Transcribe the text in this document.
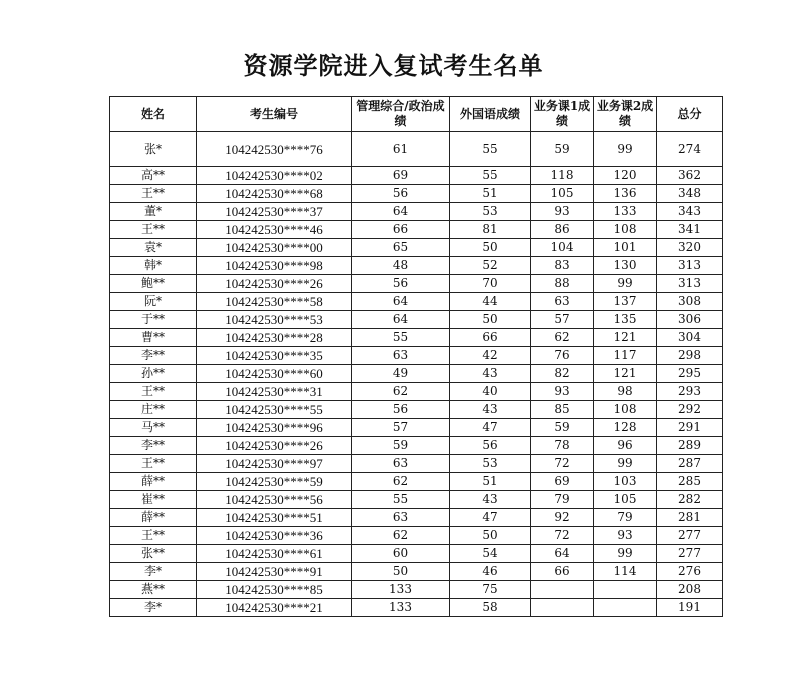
资源学院进入复试考生名单
姓名	考生编号	管理综合/政治成绩	外国语成绩	业务课1成绩	业务课2成绩	总分
张*	104242530****76	61	55	59	99	274
高**	104242530****02	69	55	118	120	362
王**	104242530****68	56	51	105	136	348
董*	104242530****37	64	53	93	133	343
王**	104242530****46	66	81	86	108	341
袁*	104242530****00	65	50	104	101	320
韩*	104242530****98	48	52	83	130	313
鲍**	104242530****26	56	70	88	99	313
阮*	104242530****58	64	44	63	137	308
于**	104242530****53	64	50	57	135	306
曹**	104242530****28	55	66	62	121	304
李**	104242530****35	63	42	76	117	298
孙**	104242530****60	49	43	82	121	295
王**	104242530****31	62	40	93	98	293
庄**	104242530****55	56	43	85	108	292
马**	104242530****96	57	47	59	128	291
李**	104242530****26	59	56	78	96	289
王**	104242530****97	63	53	72	99	287
薛**	104242530****59	62	51	69	103	285
崔**	104242530****56	55	43	79	105	282
薛**	104242530****51	63	47	92	79	281
王**	104242530****36	62	50	72	93	277
张**	104242530****61	60	54	64	99	277
李*	104242530****91	50	46	66	114	276
燕**	104242530****85	133	75			208
李*	104242530****21	133	58			191
